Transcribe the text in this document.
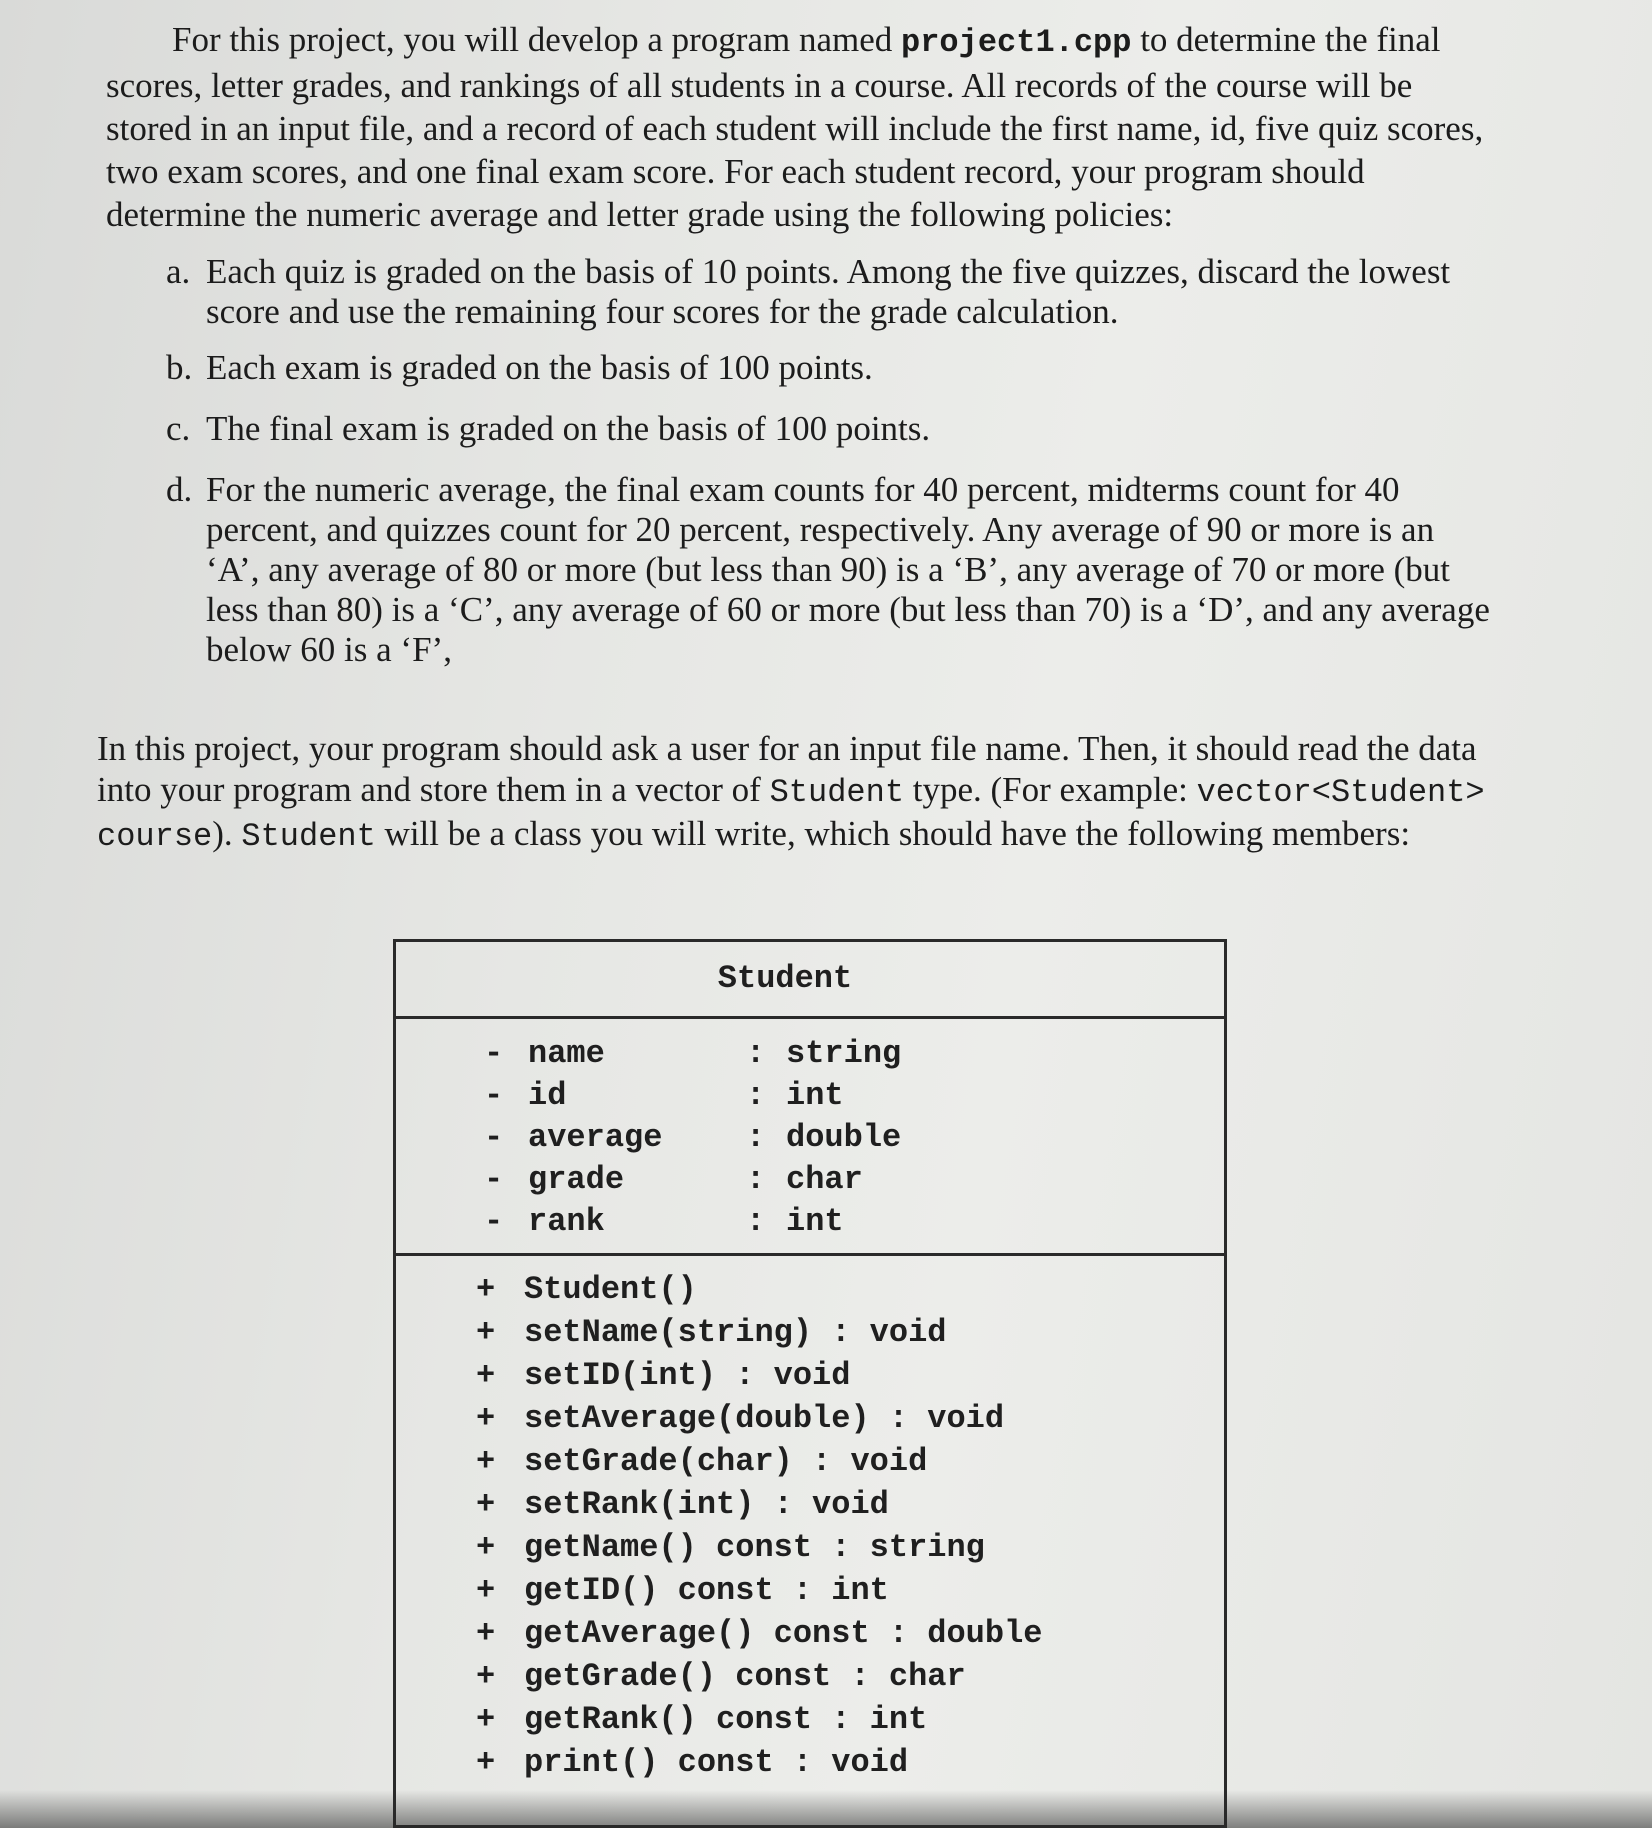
For this project, you will develop a program named project1.cpp to determine the final scores, letter grades, and rankings of all students in a course. All records of the course will be stored in an input file, and a record of each student will include the first name, id, five quiz scores, two exam scores, and one final exam score. For each student record, your program should determine the numeric average and letter grade using the following policies:

a. Each quiz is graded on the basis of 10 points. Among the five quizzes, discard the lowest score and use the remaining four scores for the grade calculation.
b. Each exam is graded on the basis of 100 points.
c. The final exam is graded on the basis of 100 points.
d. For the numeric average, the final exam counts for 40 percent, midterms count for 40 percent, and quizzes count for 20 percent, respectively. Any average of 90 or more is an ‘A’, any average of 80 or more (but less than 90) is a ‘B’, any average of 70 or more (but less than 80) is a ‘C’, any average of 60 or more (but less than 70) is a ‘D’, and any average below 60 is a ‘F’,

In this project, your program should ask a user for an input file name. Then, it should read the data into your program and store them in a vector of Student type. (For example: vector<Student> course). Student will be a class you will write, which should have the following members:

Student
- name	: string
- id	: int
- average	: double
- grade	: char
- rank	: int
+ Student()
+ setName(string) : void
+ setID(int) : void
+ setAverage(double) : void
+ setGrade(char) : void
+ setRank(int) : void
+ getName() const : string
+ getID() const : int
+ getAverage() const : double
+ getGrade() const : char
+ getRank() const : int
+ print() const : void
